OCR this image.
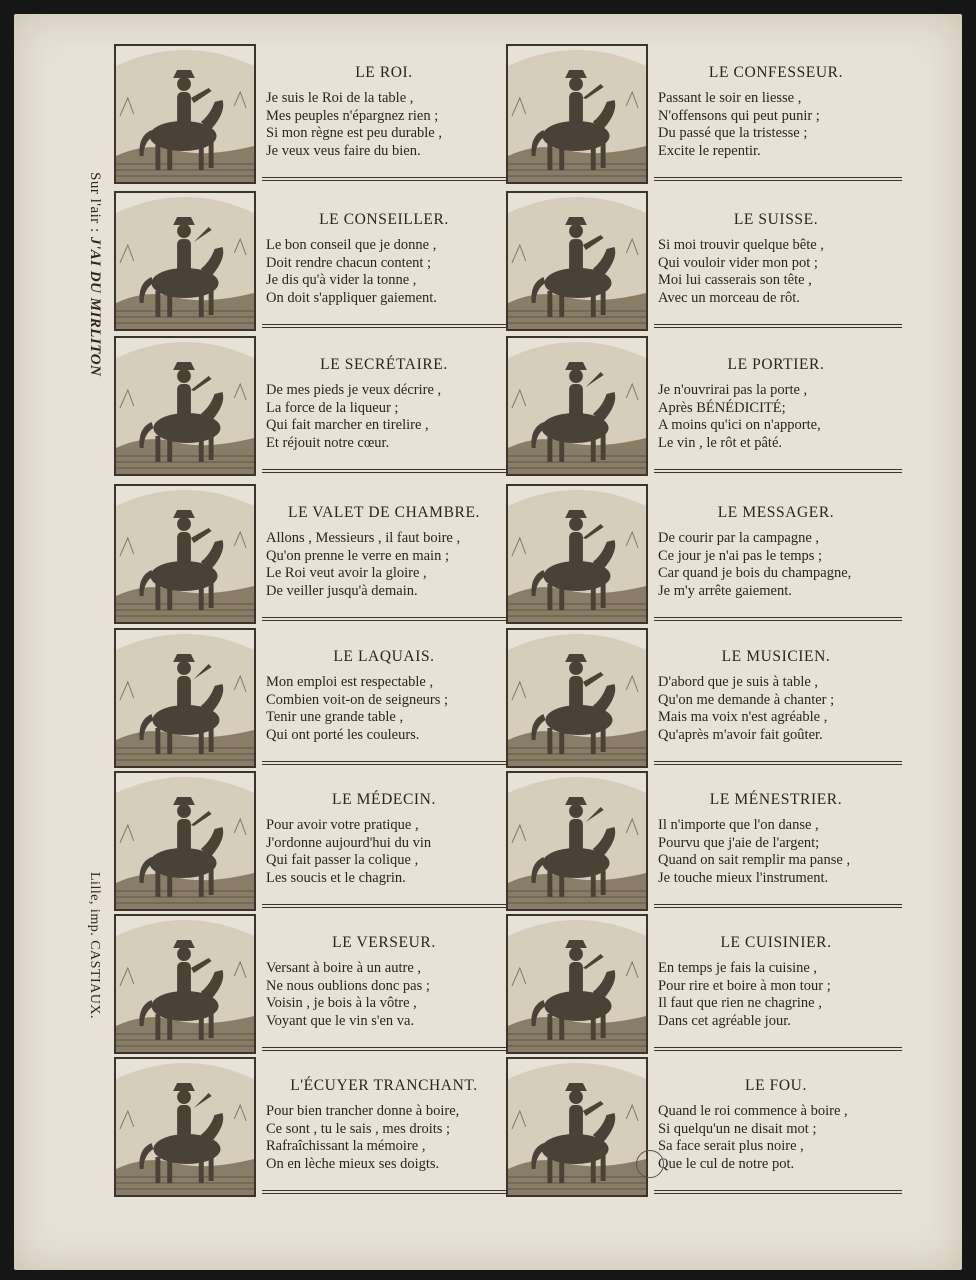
Sur l'air : J'AI DU MIRLITON
Lille, imp. CASTIAUX.
LE ROI.
Je suis le Roi de la table ,
Mes peuples n'épargnez rien ;
Si mon règne est peu durable ,
Je veux veus faire du bien.
LE CONFESSEUR.
Passant le soir en liesse ,
N'offensons qui peut punir ;
Du passé que la tristesse ;
Excite le repentir.
LE CONSEILLER.
Le bon conseil que je donne ,
Doit rendre chacun content ;
Je dis qu'à vider la tonne ,
On doit s'appliquer gaiement.
LE SUISSE.
Si moi trouvir quelque bête ,
Qui vouloir vider mon pot ;
Moi lui casserais son tête ,
Avec un morceau de rôt.
LE SECRÉTAIRE.
De mes pieds je veux décrire ,
La force de la liqueur ;
Qui fait marcher en tirelire ,
Et réjouit notre cœur.
LE PORTIER.
Je n'ouvrirai pas la porte ,
Après BÉNÉDICITÉ;
A moins qu'ici on n'apporte,
Le vin , le rôt et pâté.
LE VALET DE CHAMBRE.
Allons , Messieurs , il faut boire ,
Qu'on prenne le verre en main ;
Le Roi veut avoir la gloire ,
De veiller jusqu'à demain.
LE MESSAGER.
De courir par la campagne ,
Ce jour je n'ai pas le temps ;
Car quand je bois du champagne,
Je m'y arrête gaiement.
LE LAQUAIS.
Mon emploi est respectable ,
Combien voit-on de seigneurs ;
Tenir une grande table ,
Qui ont porté les couleurs.
LE MUSICIEN.
D'abord que je suis à table ,
Qu'on me demande à chanter ;
Mais ma voix n'est agréable ,
Qu'après m'avoir fait goûter.
LE MÉDECIN.
Pour avoir votre pratique ,
J'ordonne aujourd'hui du vin
Qui fait passer la colique ,
Les soucis et le chagrin.
LE MÉNESTRIER.
Il n'importe que l'on danse ,
Pourvu que j'aie de l'argent;
Quand on sait remplir ma panse ,
Je touche mieux l'instrument.
LE VERSEUR.
Versant à boire à un autre ,
Ne nous oublions donc pas ;
Voisin , je bois à la vôtre ,
Voyant que le vin s'en va.
LE CUISINIER.
En temps je fais la cuisine ,
Pour rire et boire à mon tour ;
Il faut que rien ne chagrine ,
Dans cet agréable jour.
L'ÉCUYER TRANCHANT.
Pour bien trancher donne à boire,
Ce sont , tu le sais , mes droits ;
Rafraîchissant la mémoire ,
On en lèche mieux ses doigts.
LE FOU.
Quand le roi commence à boire ,
Si quelqu'un ne disait mot ;
Sa face serait plus noire ,
Que le cul de notre pot.
